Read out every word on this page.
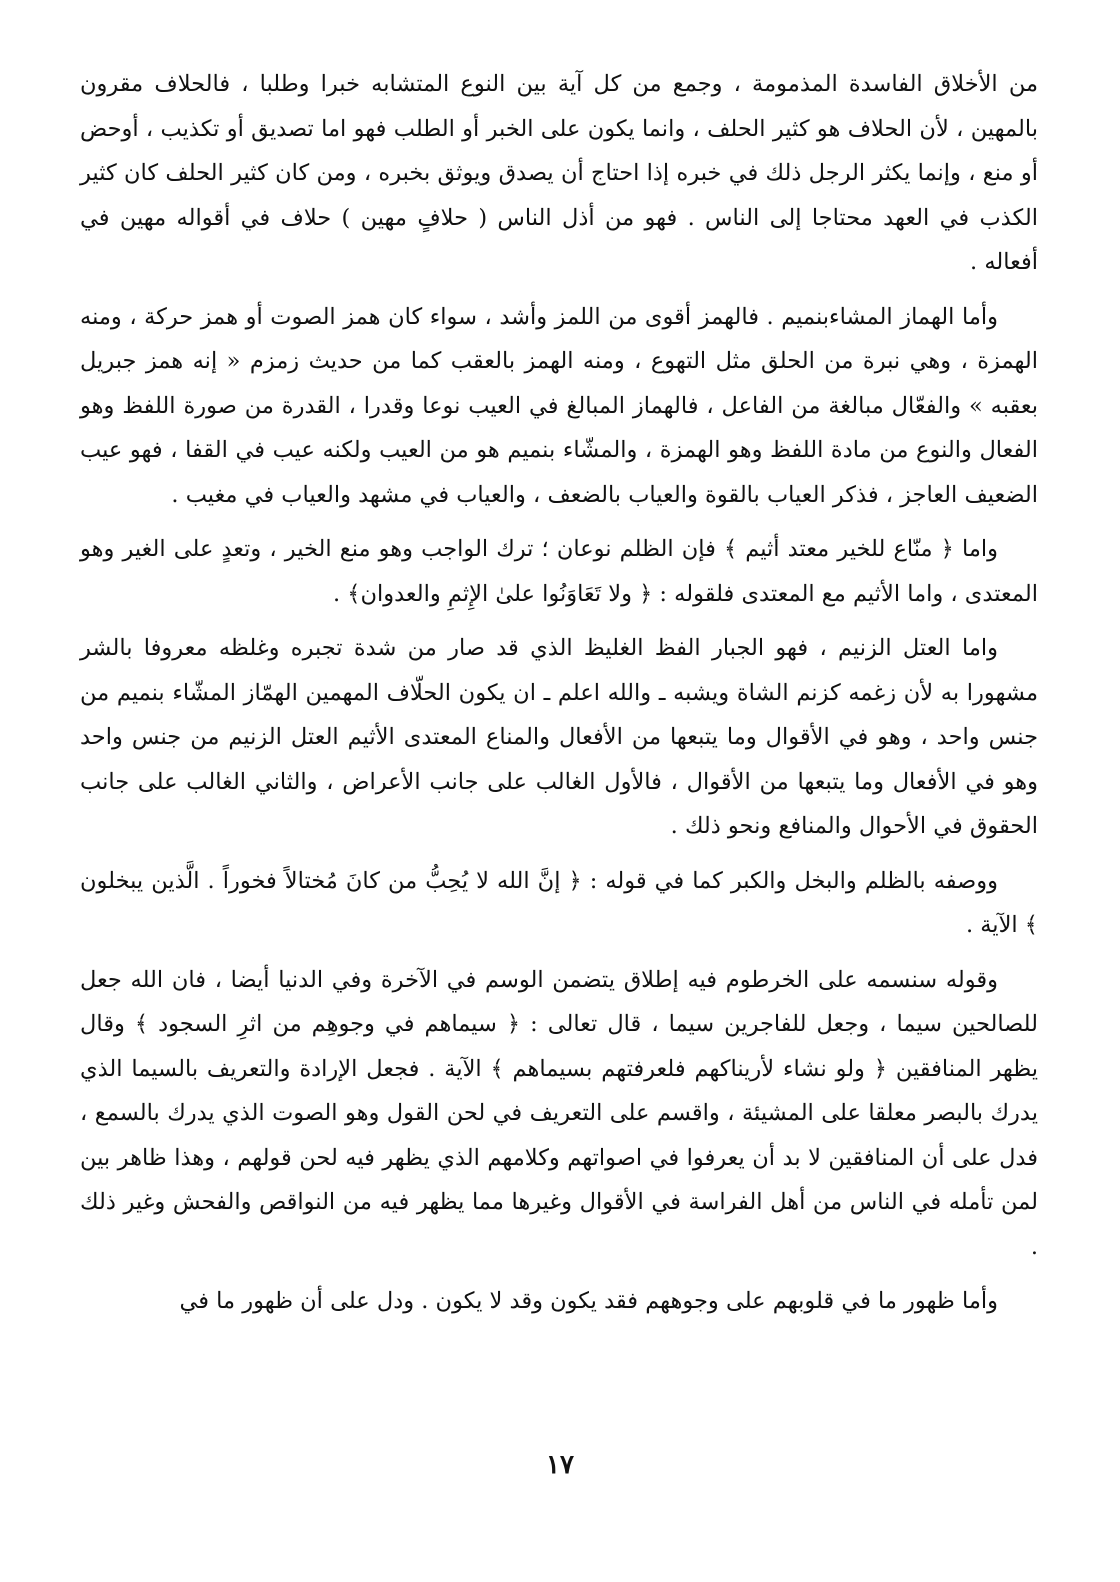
من الأخلاق الفاسدة المذمومة ، وجمع من كل آية بين النوع المتشابه خبرا وطلبا ، فالحلاف مقرون بالمهين ، لأن الحلاف هو كثير الحلف ، وانما يكون على الخبر أو الطلب فهو اما تصديق أو تكذيب ، أوحض أو منع ، وإنما يكثر الرجل ذلك في خبره إذا احتاج أن يصدق ويوثق بخبره ، ومن كان كثير الحلف كان كثير الكذب في العهد محتاجا إلى الناس . فهو من أذل الناس ( حلافٍ مهين ) حلاف في أقواله مهين في أفعاله .

وأما الهماز المشاءبنميم . فالهمز أقوى من اللمز وأشد ، سواء كان همز الصوت أو همز حركة ، ومنه الهمزة ، وهي نبرة من الحلق مثل التهوع ، ومنه الهمز بالعقب كما من حديث زمزم « إنه همز جبريل بعقبه » والفعّال مبالغة من الفاعل ، فالهماز المبالغ في العيب نوعا وقدرا ، القدرة من صورة اللفظ وهو الفعال والنوع من مادة اللفظ وهو الهمزة ، والمشّاء بنميم هو من العيب ولكنه عيب في القفا ، فهو عيب الضعيف العاجز ، فذكر العياب بالقوة والعياب بالضعف ، والعياب في مشهد والعياب في مغيب .

واما ﴿ منّاع للخير معتد أثيم ﴾ فإن الظلم نوعان ؛ ترك الواجب وهو منع الخير ، وتعدٍ على الغير وهو المعتدى ، واما الأثيم مع المعتدى فلقوله : ﴿ ولا تَعَاوَنُوا علىٰ الإِثمِ والعدوان﴾ .

واما العتل الزنيم ، فهو الجبار الفظ الغليظ الذي قد صار من شدة تجبره وغلظه معروفا بالشر مشهورا به لأن زغمه كزنم الشاة ويشبه ـ والله اعلم ـ ان يكون الحلّاف المهمين الهمّاز المشّاء بنميم من جنس واحد ، وهو في الأقوال وما يتبعها من الأفعال والمناع المعتدى الأثيم العتل الزنيم من جنس واحد وهو في الأفعال وما يتبعها من الأقوال ، فالأول الغالب على جانب الأعراض ، والثاني الغالب على جانب الحقوق في الأحوال والمنافع ونحو ذلك .

ووصفه بالظلم والبخل والكبر كما في قوله : ﴿ إنَّ الله لا يُحِبُّ من كانَ مُختالاً فخوراً . الَّذين يبخلون ﴾ الآية .

وقوله سنسمه على الخرطوم فيه إطلاق يتضمن الوسم في الآخرة وفي الدنيا أيضا ، فان الله جعل للصالحين سيما ، وجعل للفاجرين سيما ، قال تعالى : ﴿ سيماهم في وجوهِم من اثرِ السجود ﴾ وقال يظهر المنافقين ﴿ ولو نشاء لأريناكهم فلعرفتهم بسيماهم ﴾ الآية . فجعل الإرادة والتعريف بالسيما الذي يدرك بالبصر معلقا على المشيئة ، واقسم على التعريف في لحن القول وهو الصوت الذي يدرك بالسمع ، فدل على أن المنافقين لا بد أن يعرفوا في اصواتهم وكلامهم الذي يظهر فيه لحن قولهم ، وهذا ظاهر بين لمن تأمله في الناس من أهل الفراسة في الأقوال وغيرها مما يظهر فيه من النواقص والفحش وغير ذلك .

وأما ظهور ما في قلوبهم على وجوههم فقد يكون وقد لا يكون . ودل على أن ظهور ما في

١٧
